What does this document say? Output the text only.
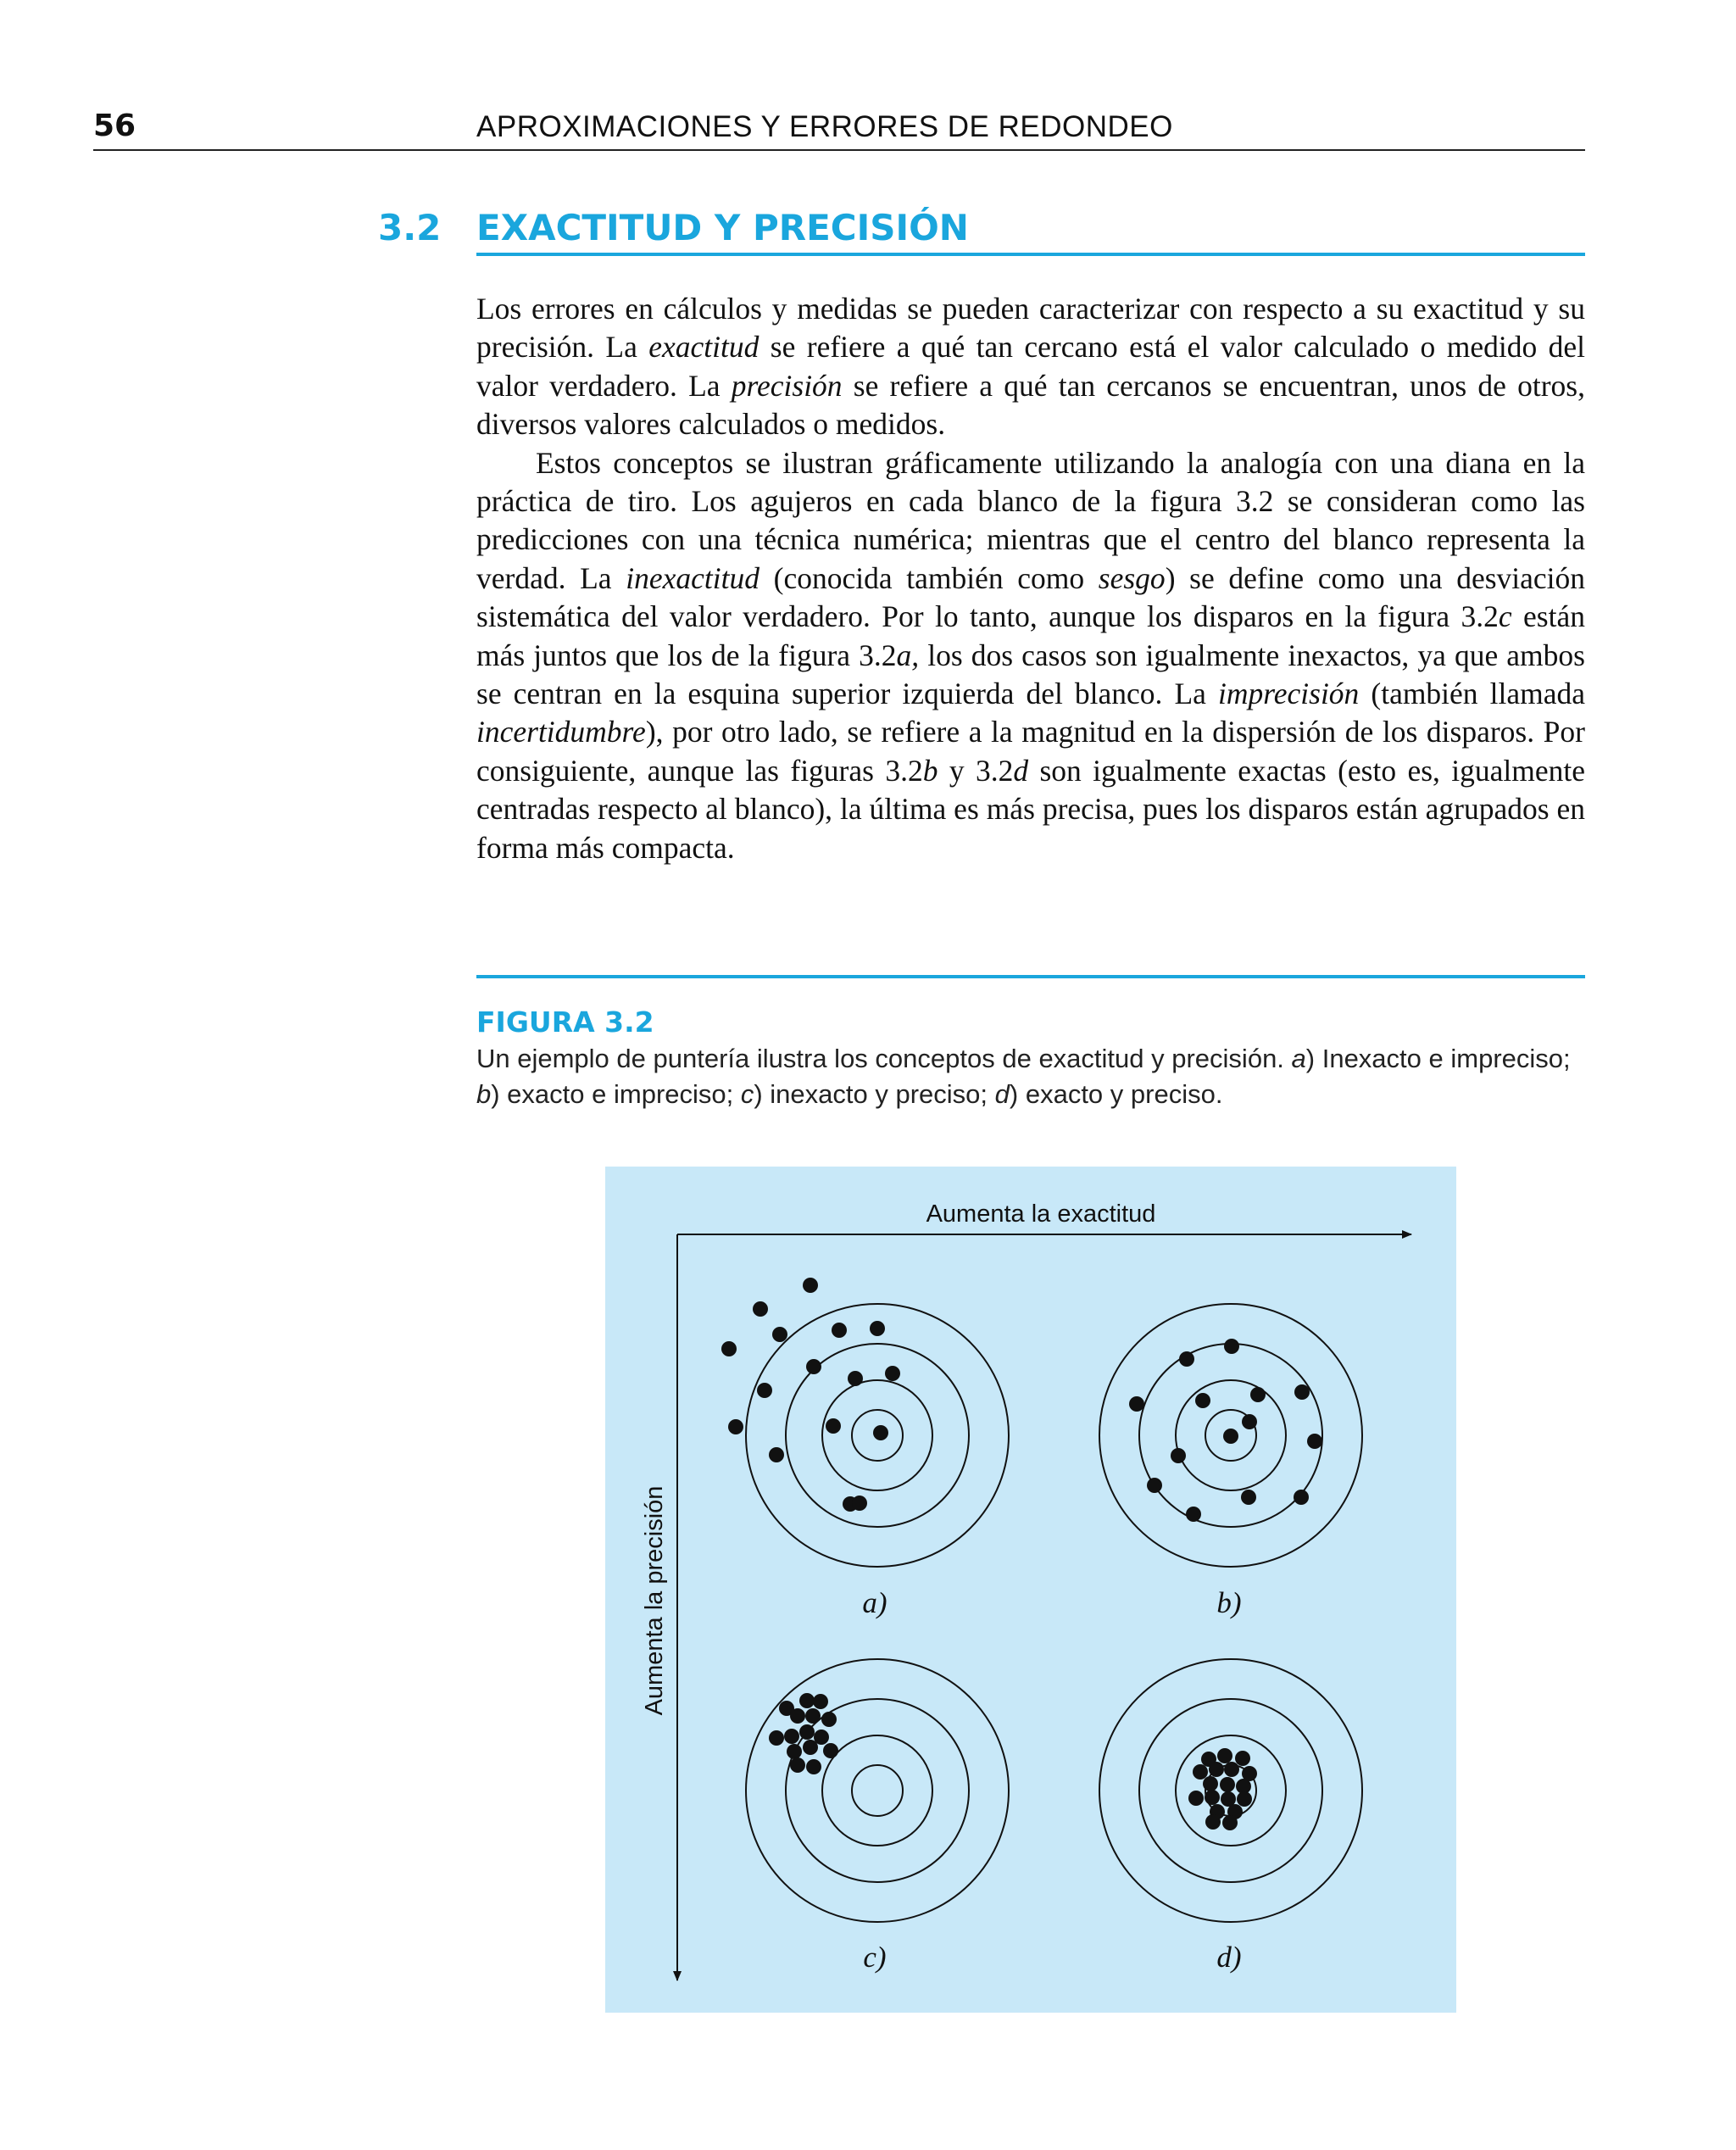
56	APROXIMACIONES Y ERRORES DE REDONDEO
3.2 EXACTITUD Y PRECISIÓN

Los errores en cálculos y medidas se pueden caracterizar con respecto a su exactitud y su precisión. La exactitud se refiere a qué tan cercano está el valor calculado o medido del valor verdadero. La precisión se refiere a qué tan cercanos se encuentran, unos de otros, diversos valores calculados o medidos.

Estos conceptos se ilustran gráficamente utilizando la analogía con una diana en la práctica de tiro. Los agujeros en cada blanco de la figura 3.2 se consideran como las predicciones con una técnica numérica; mientras que el centro del blanco representa la verdad. La inexactitud (conocida también como sesgo) se define como una desviación sistemática del valor verdadero. Por lo tanto, aunque los disparos en la figura 3.2c están más juntos que los de la figura 3.2a, los dos casos son igualmente inexactos, ya que ambos se centran en la esquina superior izquierda del blanco. La imprecisión (también llamada incertidumbre), por otro lado, se refiere a la magnitud en la dispersión de los disparos. Por consiguiente, aunque las figuras 3.2b y 3.2d son igualmente exactas (esto es, igualmente centradas respecto al blanco), la última es más precisa, pues los disparos están agrupados en forma más compacta.

FIGURA 3.2
Un ejemplo de puntería ilustra los conceptos de exactitud y precisión. a) Inexacto e impreciso; b) exacto e impreciso; c) inexacto y preciso; d) exacto y preciso.
Aumenta la exactitud
Aumenta la precisión	a)	b)
c)	d)
